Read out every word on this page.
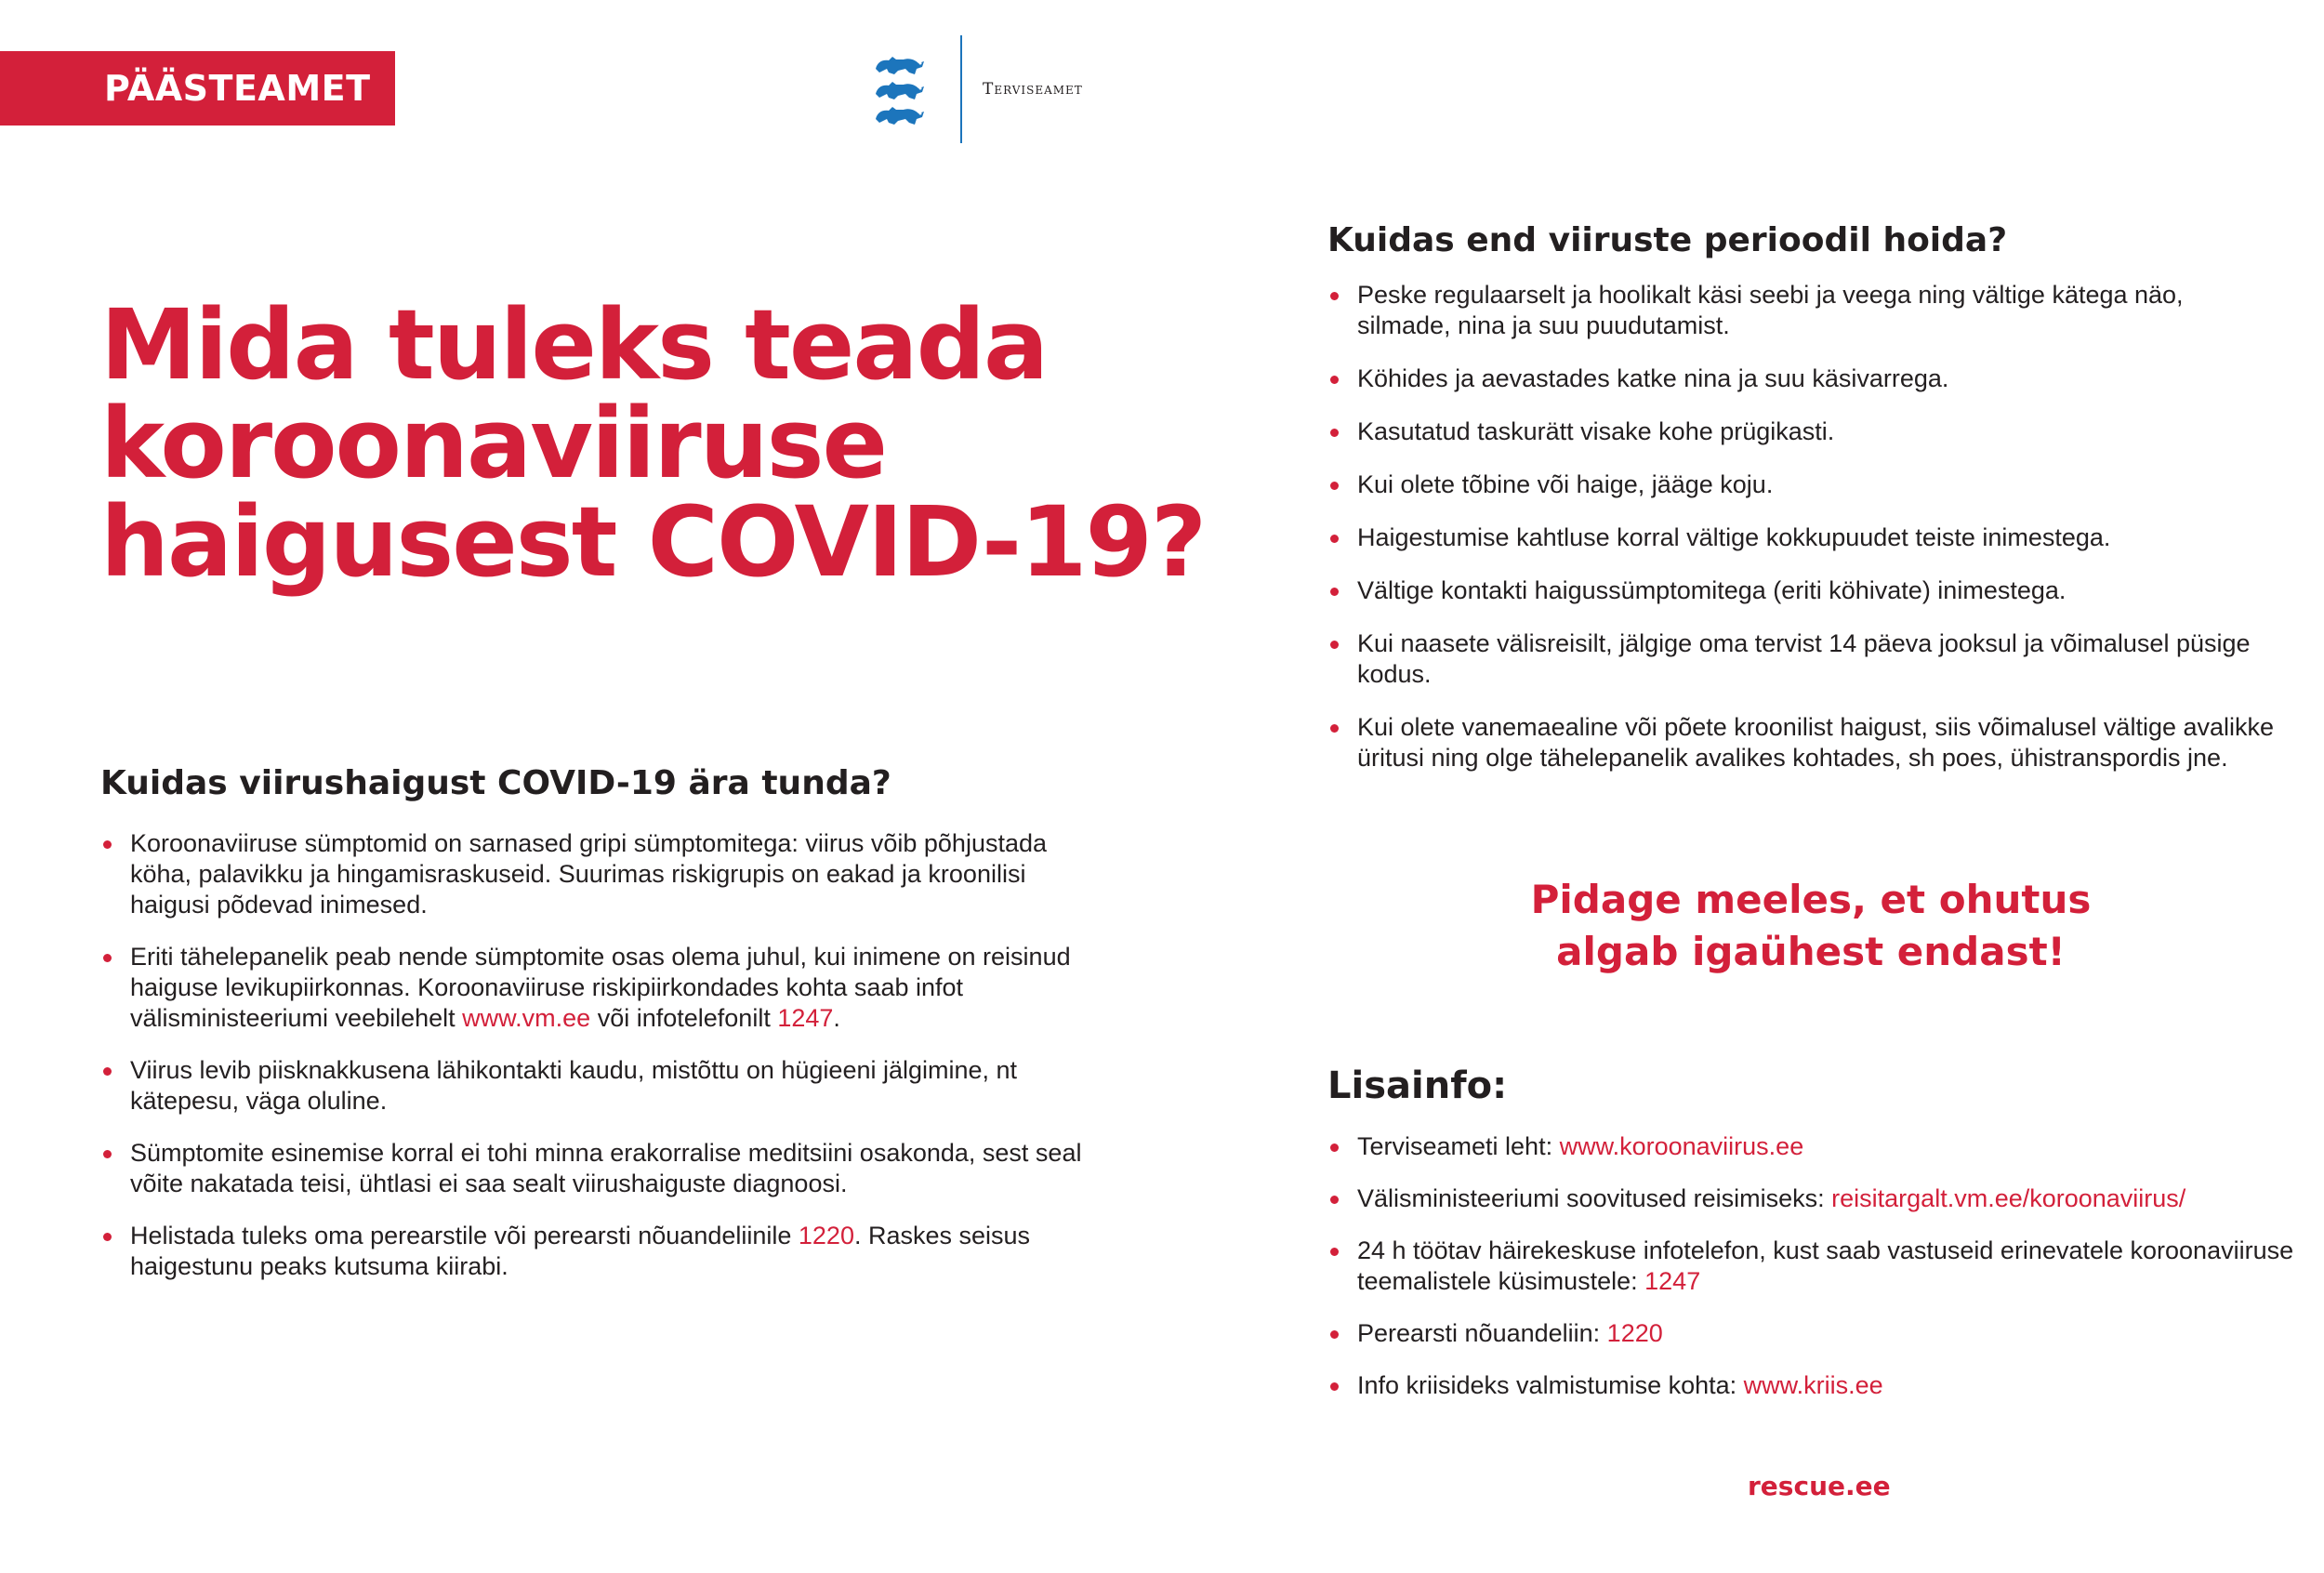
PÄÄSTEAMET	Terviseamet
Mida tuleks teada
koroonaviiruse
haigusest COVID-19?
Kuidas viirushaigust COVID-19 ära tunda?
Koroonaviiruse sümptomid on sarnased gripi sümptomitega: viirus võib põhjustada köha, palavikku ja hingamisraskuseid. Suurimas riskigrupis on eakad ja kroonilisi haigusi põdevad inimesed.
Eriti tähelepanelik peab nende sümptomite osas olema juhul, kui inimene on reisinud haiguse levikupiirkonnas. Koroonaviiruse riskipiirkondades kohta saab infot välisministeeriumi veebilehelt www.vm.ee või infotelefonilt 1247.
Viirus levib piisknakkusena lähikontakti kaudu, mistõttu on hügieeni jälgimine, nt kätepesu, väga oluline.
Sümptomite esinemise korral ei tohi minna erakorralise meditsiini osakonda, sest seal võite nakatada teisi, ühtlasi ei saa sealt viirushaiguste diagnoosi.
Helistada tuleks oma perearstile või perearsti nõuandeliinile 1220. Raskes seisus haigestunu peaks kutsuma kiirabi.
Kuidas end viiruste perioodil hoida?
Peske regulaarselt ja hoolikalt käsi seebi ja veega ning vältige kätega näo, silmade, nina ja suu puudutamist.
Köhides ja aevastades katke nina ja suu käsivarrega.
Kasutatud taskurätt visake kohe prügikasti.
Kui olete tõbine või haige, jääge koju.
Haigestumise kahtluse korral vältige kokkupuudet teiste inimestega.
Vältige kontakti haigussümptomitega (eriti köhivate) inimestega.
Kui naasete välisreisilt, jälgige oma tervist 14 päeva jooksul ja võimalusel püsige kodus.
Kui olete vanemaealine või põete kroonilist haigust, siis võimalusel vältige avalikke üritusi ning olge tähelepanelik avalikes kohtades, sh poes, ühistranspordis jne.
Pidage meeles, et ohutus
algab igaühest endast!
Lisainfo:
Terviseameti leht: www.koroonaviirus.ee
Välisministeeriumi soovitused reisimiseks: reisitargalt.vm.ee/koroonaviirus/
24 h töötav häirekeskuse infotelefon, kust saab vastuseid erinevatele koroonaviiruse teemalistele küsimustele: 1247
Perearsti nõuandeliin: 1220
Info kriisideks valmistumise kohta: www.kriis.ee
rescue.ee
